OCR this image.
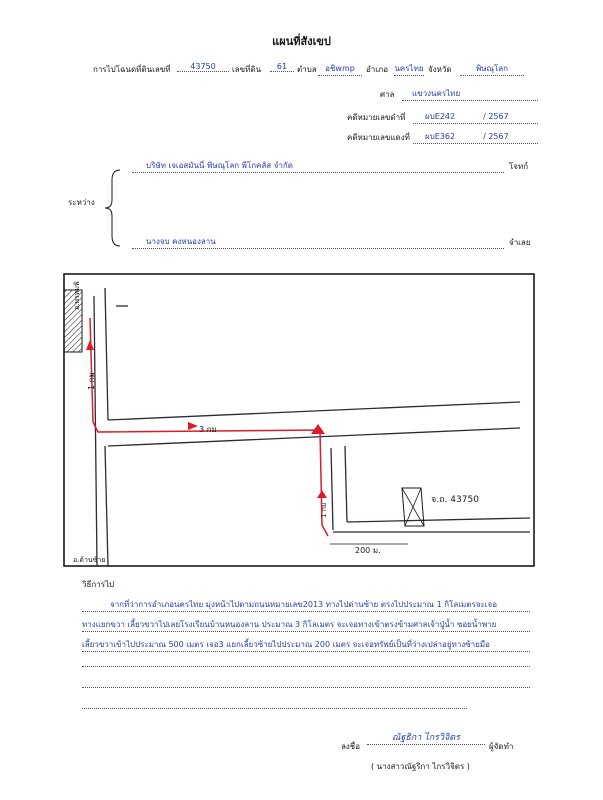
แผนที่สังเขป
การไปโฉนดที่ดินเลขที่	43750	เลขที่ดิน	61	ตำบล	อชิwmp	อำเภอ นครไทย จังหวัด	พิษณุโลก
ศาล	แขวงนครไทย
คดีหมายเลขดำที่	ผบE242	/ 2567
คดีหมายเลขแดงที่	ผบE362	/ 2567
ระหว่าง
บริษัท เจเอสมันนี่ พิษณุโลก พีโกคลัส จำกัด	โจทก์
นางจบ คงหนองลาน	จำเลย
อ.พรหมพิ
1 กม
3 กม
1 กม
200 ม.
จ.ถ. 43750
อ.ด้านซ้าย
วิธีการไป
จากที่ว่าการอำเภอนครไทย มุ่งหน้าไปตามถนนหมายเลข2013 ทางไปด่านซ้าย ตรงไปประมาณ 1 กิโลเมตรจะเจอ
ทางแยกขวา เลี้ยวขวาไปเลยโรงเรียนบ้านหนองลาน ประมาณ 3 กิโลเมตร จะเจอทางเข้าตรงข้ามศาลเจ้าปู่น้ำ ซอยน้ำพาย
เลี้ยวขวาเข้าไปประมาณ 500 เมตร เจอ3 แยกเลี้ยวซ้ายไปประมาณ 200 เมตร จะเจอทรัพย์เป็นที่ว่างเปล่าอยู่ทางซ้ายมือ
ลงชื่อ
ณัฐธิกา ไกรวิจิตร
ผู้จัดทำ
( นางสาวณัฐริกา ไกรวิจิตร )
